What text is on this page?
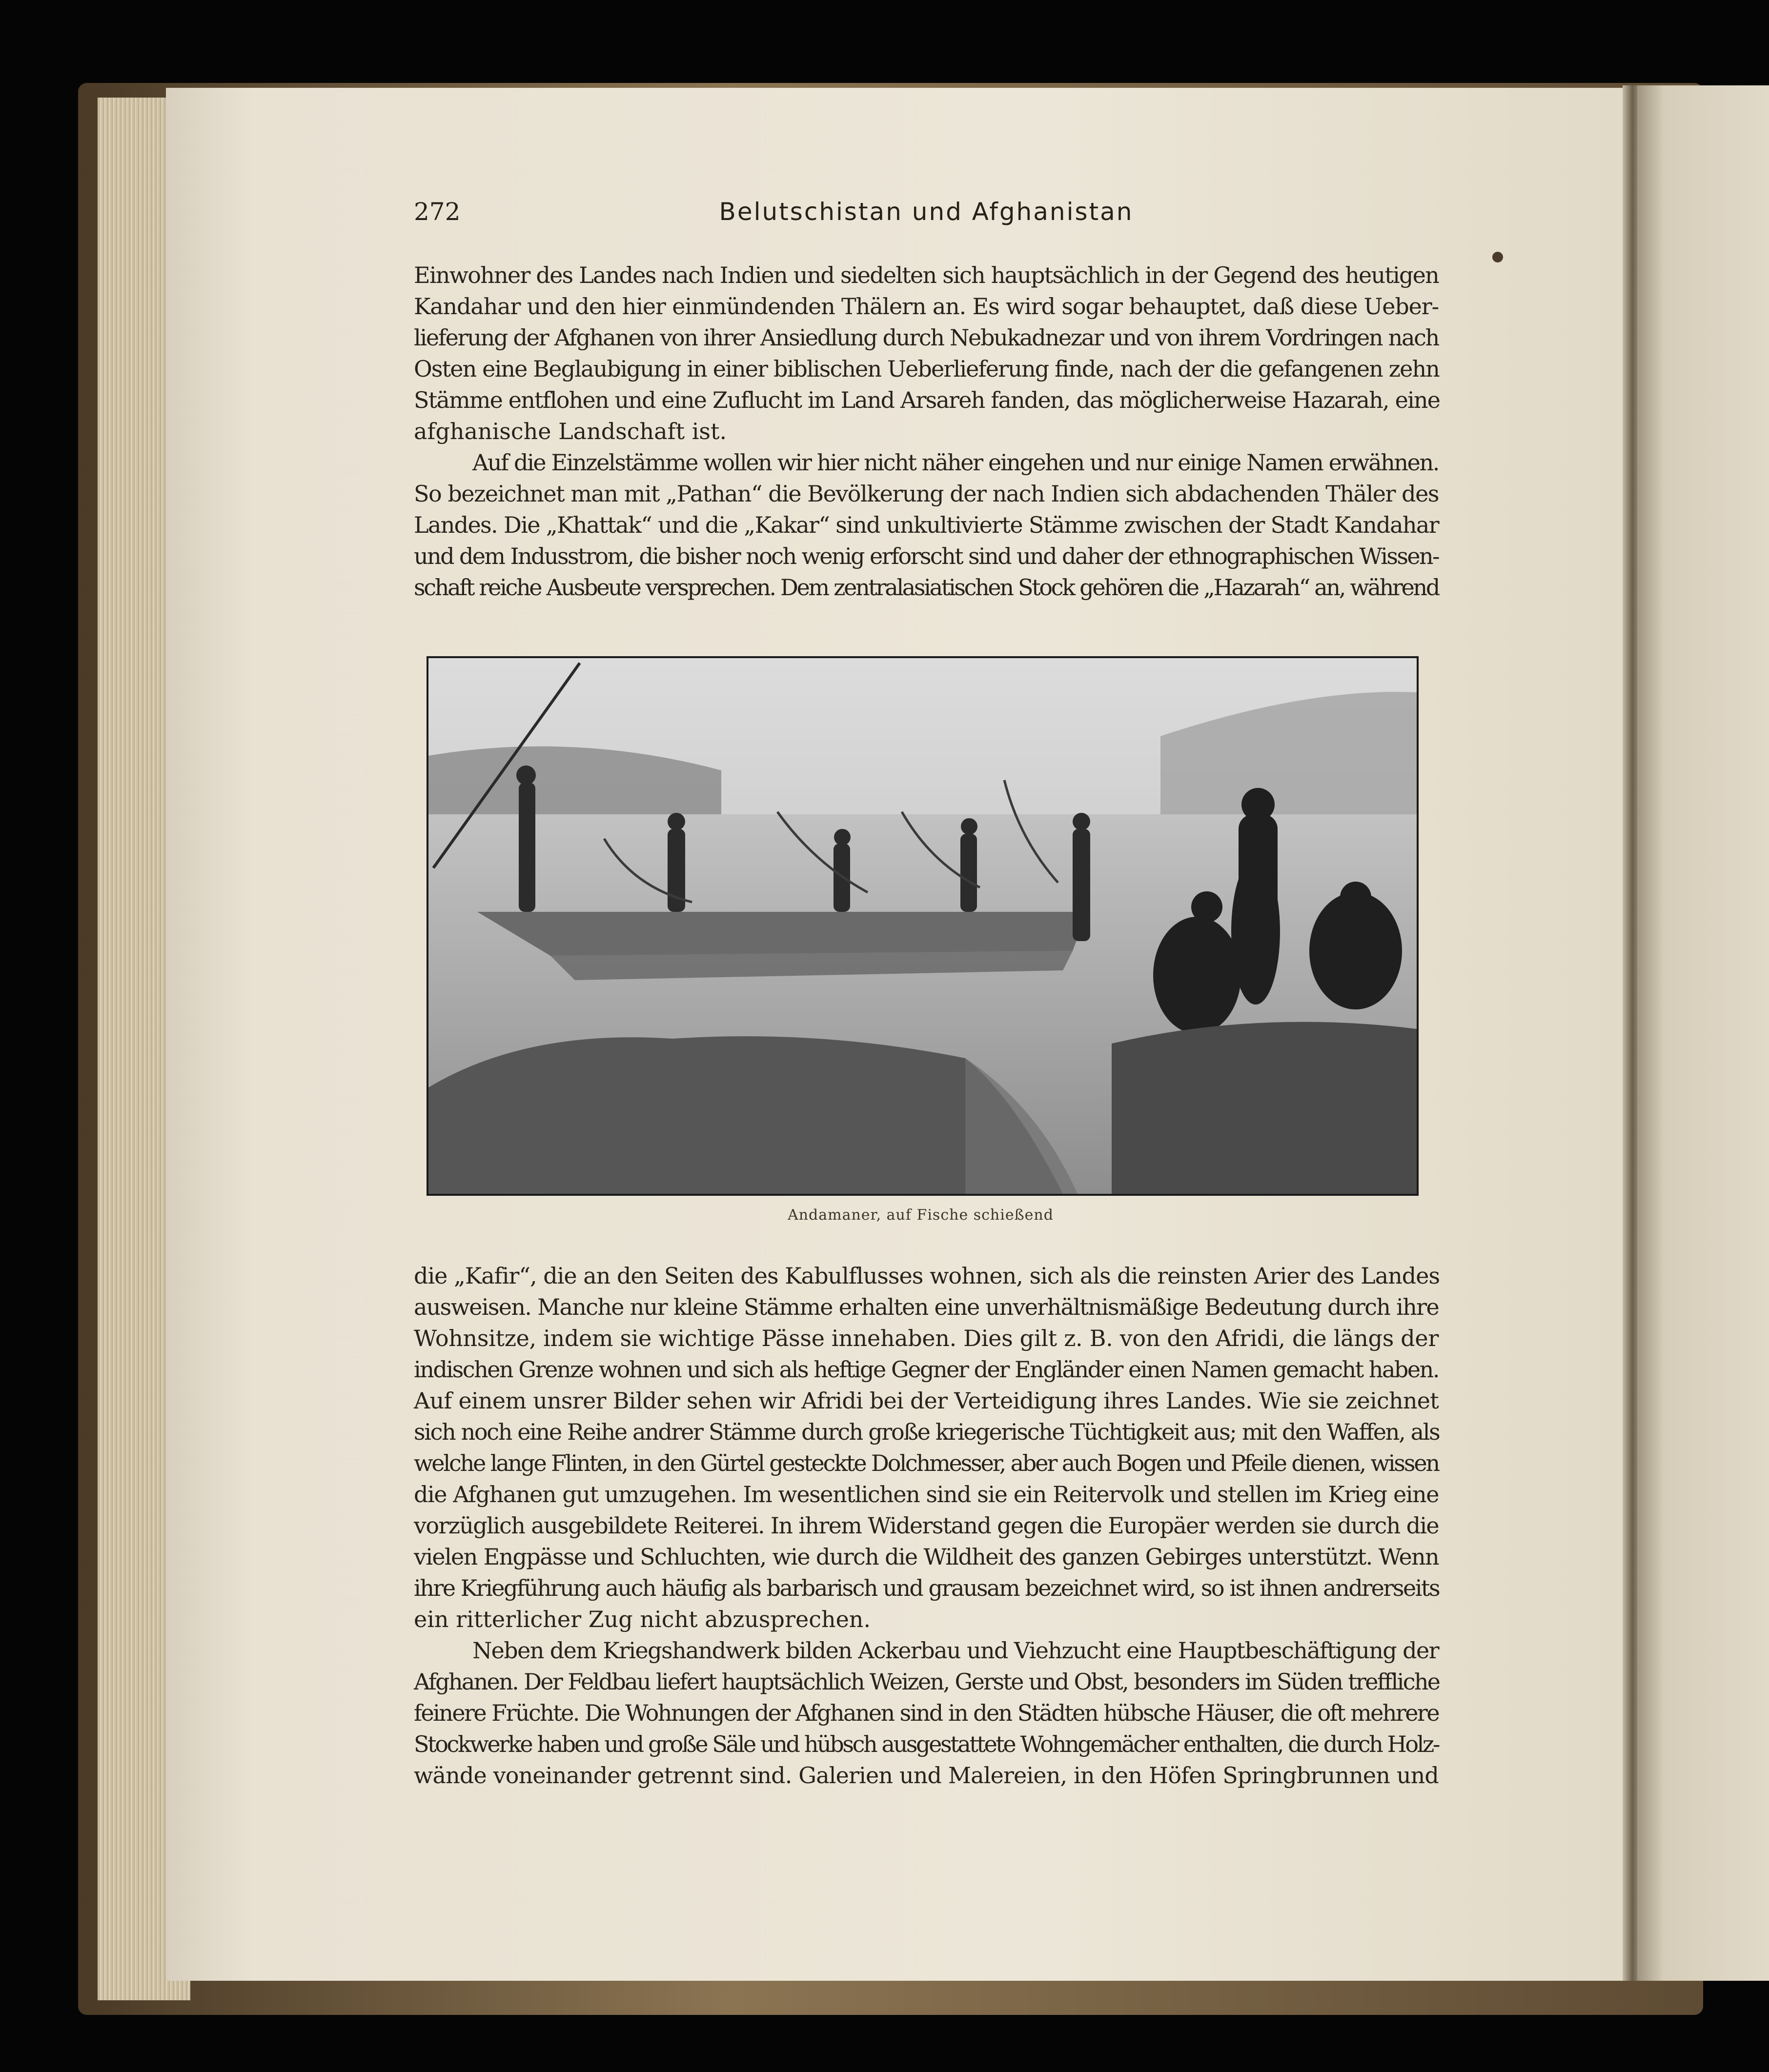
272	Belutschistan und Afghanistan

Einwohner des Landes nach Indien und siedelten sich hauptsächlich in der Gegend des heutigen
Kandahar und den hier einmündenden Thälern an. Es wird sogar behauptet, daß diese Ueber-
lieferung der Afghanen von ihrer Ansiedlung durch Nebukadnezar und von ihrem Vordringen nach
Osten eine Beglaubigung in einer biblischen Ueberlieferung finde, nach der die gefangenen zehn
Stämme entflohen und eine Zuflucht im Land Arsareh fanden, das möglicherweise Hazarah, eine
afghanische Landschaft ist.

Auf die Einzelstämme wollen wir hier nicht näher eingehen und nur einige Namen erwähnen.
So bezeichnet man mit „Pathan“ die Bevölkerung der nach Indien sich abdachenden Thäler des
Landes. Die „Khattak“ und die „Kakar“ sind unkultivierte Stämme zwischen der Stadt Kandahar
und dem Indusstrom, die bisher noch wenig erforscht sind und daher der ethnographischen Wissen-
schaft reiche Ausbeute versprechen. Dem zentralasiatischen Stock gehören die „Hazarah“ an, während

Andamaner, auf Fische schießend

die „Kafir“, die an den Seiten des Kabulflusses wohnen, sich als die reinsten Arier des Landes
ausweisen. Manche nur kleine Stämme erhalten eine unverhältnismäßige Bedeutung durch ihre
Wohnsitze, indem sie wichtige Pässe innehaben. Dies gilt z. B. von den Afridi, die längs der
indischen Grenze wohnen und sich als heftige Gegner der Engländer einen Namen gemacht haben.
Auf einem unsrer Bilder sehen wir Afridi bei der Verteidigung ihres Landes. Wie sie zeichnet
sich noch eine Reihe andrer Stämme durch große kriegerische Tüchtigkeit aus; mit den Waffen, als
welche lange Flinten, in den Gürtel gesteckte Dolchmesser, aber auch Bogen und Pfeile dienen, wissen
die Afghanen gut umzugehen. Im wesentlichen sind sie ein Reitervolk und stellen im Krieg eine
vorzüglich ausgebildete Reiterei. In ihrem Widerstand gegen die Europäer werden sie durch die
vielen Engpässe und Schluchten, wie durch die Wildheit des ganzen Gebirges unterstützt. Wenn
ihre Kriegführung auch häufig als barbarisch und grausam bezeichnet wird, so ist ihnen andrerseits
ein ritterlicher Zug nicht abzusprechen.

Neben dem Kriegshandwerk bilden Ackerbau und Viehzucht eine Hauptbeschäftigung der
Afghanen. Der Feldbau liefert hauptsächlich Weizen, Gerste und Obst, besonders im Süden treffliche
feinere Früchte. Die Wohnungen der Afghanen sind in den Städten hübsche Häuser, die oft mehrere
Stockwerke haben und große Säle und hübsch ausgestattete Wohngemächer enthalten, die durch Holz-
wände voneinander getrennt sind. Galerien und Malereien, in den Höfen Springbrunnen und
